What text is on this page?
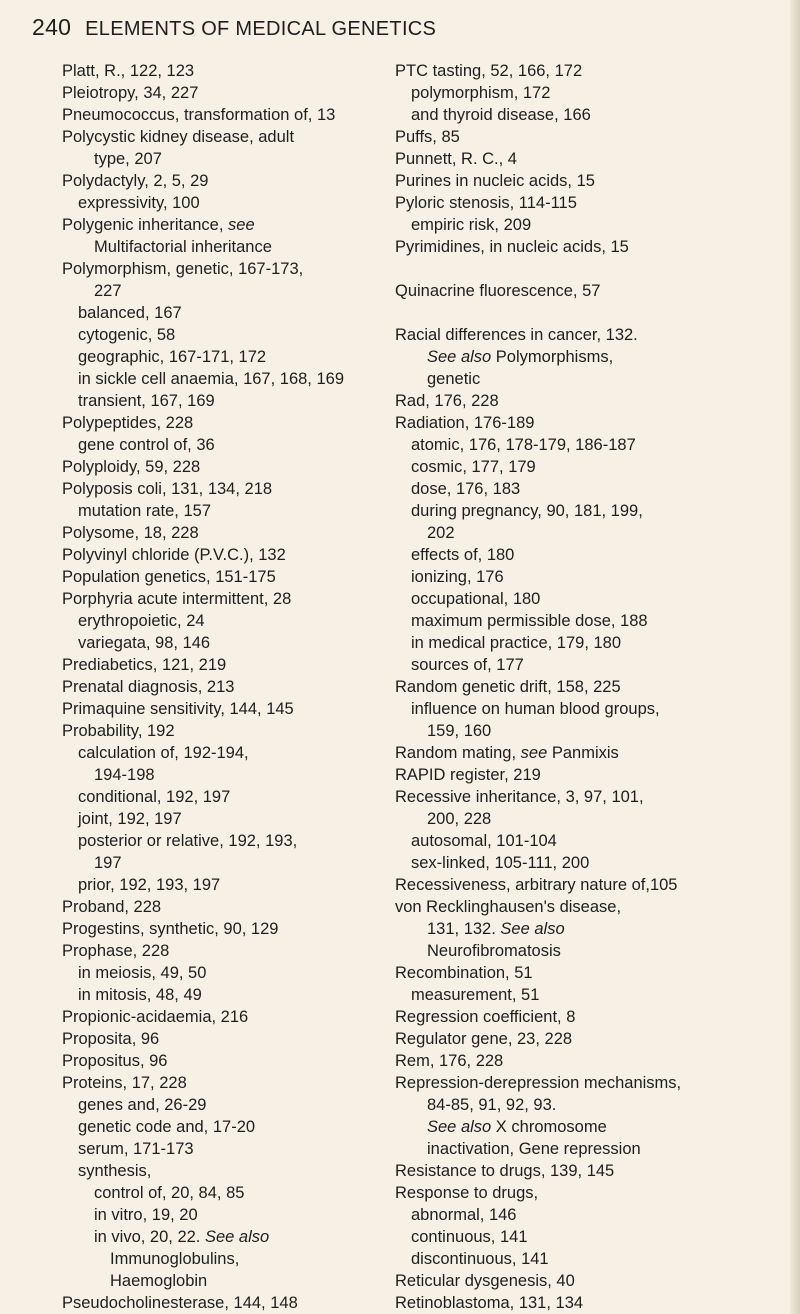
240 ELEMENTS OF MEDICAL GENETICS
Platt, R., 122, 123
Pleiotropy, 34, 227
Pneumococcus, transformation of, 13
Polycystic kidney disease, adult
type, 207
Polydactyly, 2, 5, 29
expressivity, 100
Polygenic inheritance, see
Multifactorial inheritance
Polymorphism, genetic, 167-173,
227
balanced, 167
cytogenic, 58
geographic, 167-171, 172
in sickle cell anaemia, 167, 168, 169
transient, 167, 169
Polypeptides, 228
gene control of, 36
Polyploidy, 59, 228
Polyposis coli, 131, 134, 218
mutation rate, 157
Polysome, 18, 228
Polyvinyl chloride (P.V.C.), 132
Population genetics, 151-175
Porphyria acute intermittent, 28
erythropoietic, 24
variegata, 98, 146
Prediabetics, 121, 219
Prenatal diagnosis, 213
Primaquine sensitivity, 144, 145
Probability, 192
calculation of, 192-194,
194-198
conditional, 192, 197
joint, 192, 197
posterior or relative, 192, 193,
197
prior, 192, 193, 197
Proband, 228
Progestins, synthetic, 90, 129
Prophase, 228
in meiosis, 49, 50
in mitosis, 48, 49
Propionic-acidaemia, 216
Proposita, 96
Propositus, 96
Proteins, 17, 228
genes and, 26-29
genetic code and, 17-20
serum, 171-173
synthesis,
control of, 20, 84, 85
in vitro, 19, 20
in vivo, 20, 22. See also
Immunoglobulins,
Haemoglobin
Pseudocholinesterase, 144, 148
PTC tasting, 52, 166, 172
polymorphism, 172
and thyroid disease, 166
Puffs, 85
Punnett, R. C., 4
Purines in nucleic acids, 15
Pyloric stenosis, 114-115
empiric risk, 209
Pyrimidines, in nucleic acids, 15
Quinacrine fluorescence, 57
Racial differences in cancer, 132.
See also Polymorphisms,
genetic
Rad, 176, 228
Radiation, 176-189
atomic, 176, 178-179, 186-187
cosmic, 177, 179
dose, 176, 183
during pregnancy, 90, 181, 199,
202
effects of, 180
ionizing, 176
occupational, 180
maximum permissible dose, 188
in medical practice, 179, 180
sources of, 177
Random genetic drift, 158, 225
influence on human blood groups,
159, 160
Random mating, see Panmixis
RAPID register, 219
Recessive inheritance, 3, 97, 101,
200, 228
autosomal, 101-104
sex-linked, 105-111, 200
Recessiveness, arbitrary nature of,105
von Recklinghausen's disease,
131, 132. See also
Neurofibromatosis
Recombination, 51
measurement, 51
Regression coefficient, 8
Regulator gene, 23, 228
Rem, 176, 228
Repression-derepression mechanisms,
84-85, 91, 92, 93.
See also X chromosome
inactivation, Gene repression
Resistance to drugs, 139, 145
Response to drugs,
abnormal, 146
continuous, 141
discontinuous, 141
Reticular dysgenesis, 40
Retinoblastoma, 131, 134
